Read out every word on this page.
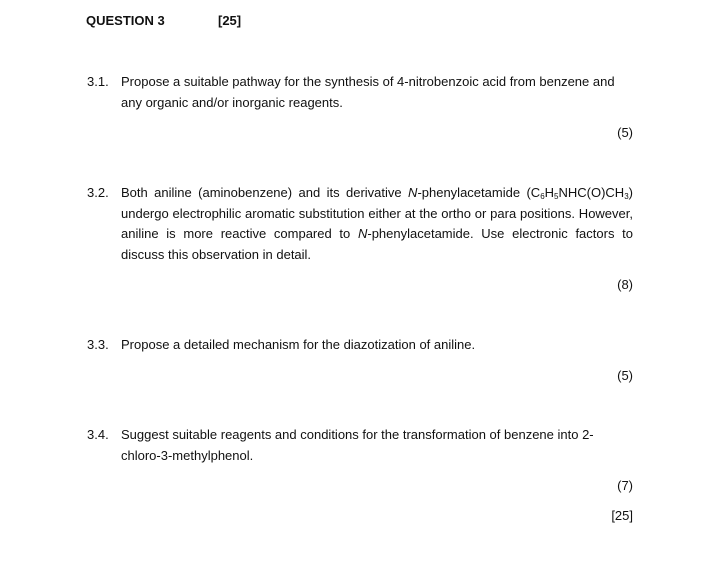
QUESTION 3	[25]
3.1. Propose a suitable pathway for the synthesis of 4-nitrobenzoic acid from benzene and any organic and/or inorganic reagents.
(5)
3.2. Both aniline (aminobenzene) and its derivative N-phenylacetamide $(C_6H_5NHC(O)CH_3)$ undergo electrophilic aromatic substitution either at the ortho or para positions. However, aniline is more reactive compared to N-phenylacetamide. Use electronic factors to discuss this observation in detail.
(8)
3.3. Propose a detailed mechanism for the diazotization of aniline.
(5)
3.4. Suggest suitable reagents and conditions for the transformation of benzene into 2-chloro-3-methylphenol.
(7)
[25]
